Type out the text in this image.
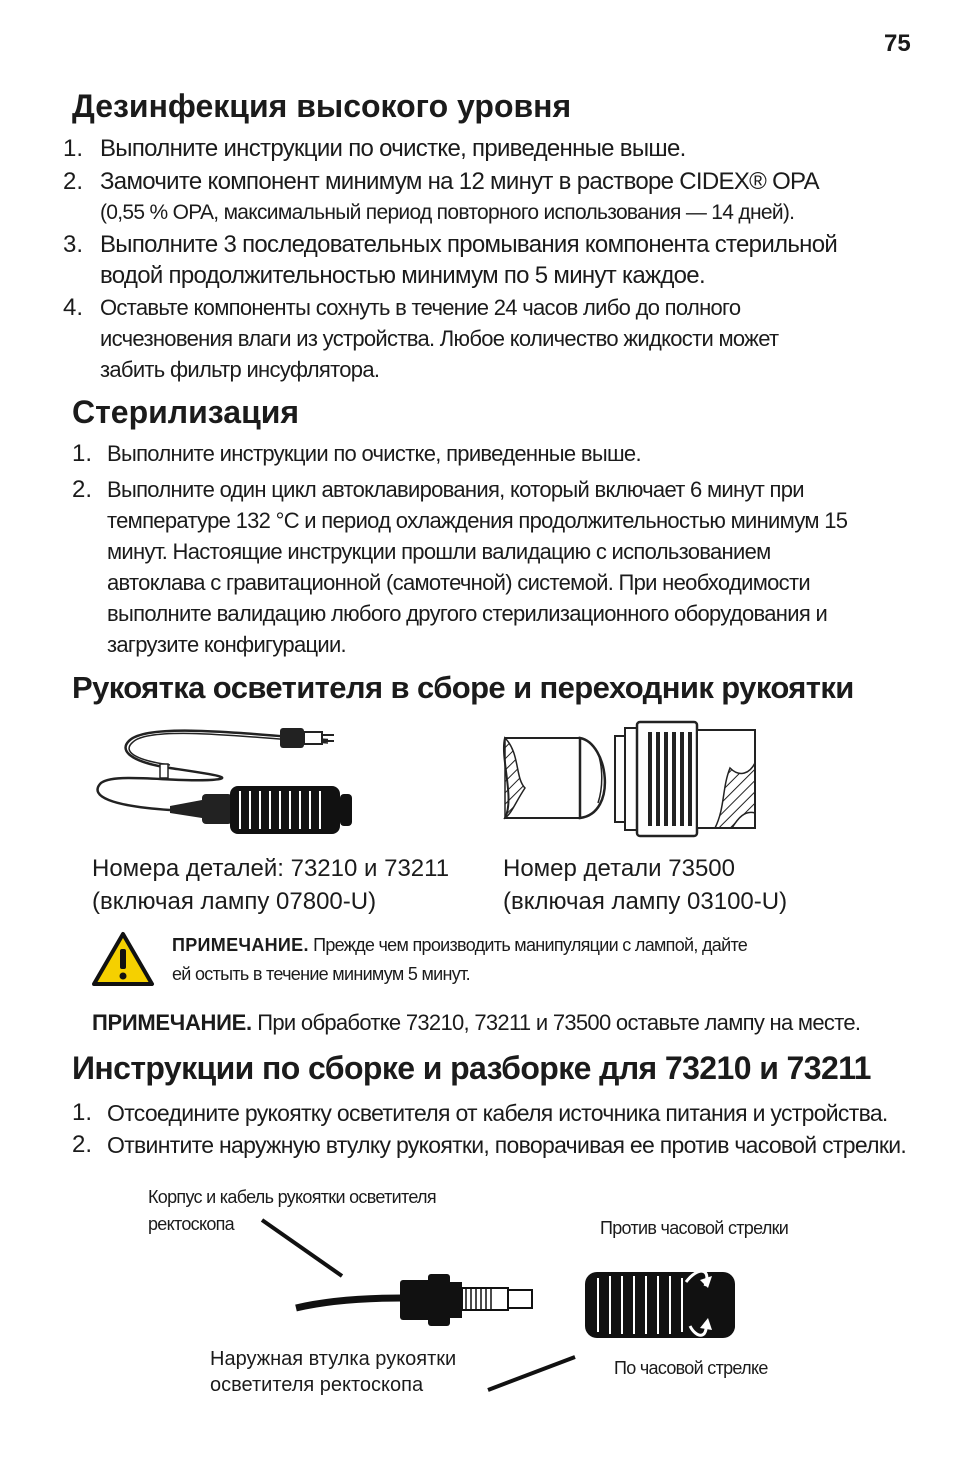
75
Дезинфекция высокого уровня
1. Выполните инструкции по очистке, приведенные выше.
2. Замочите компонент минимум на 12 минут в растворе CIDEX® OPA
(0,55 % OPA, максимальный период повторного использования — 14 дней).
3. Выполните 3 последовательных промывания компонента стерильной
водой продолжительностью минимум по 5 минут каждое.
4. Оставьте компоненты сохнуть в течение 24 часов либо до полного
исчезновения влаги из устройства. Любое количество жидкости может
забить фильтр инсуфлятора.
Стерилизация
1. Выполните инструкции по очистке, приведенные выше.
2. Выполните один цикл автоклавирования, который включает 6 минут при
температуре 132 °C и период охлаждения продолжительностью минимум 15
минут. Настоящие инструкции прошли валидацию с использованием
автоклава с гравитационной (самотечной) системой. При необходимости
выполните валидацию любого другого стерилизационного оборудования и
загрузите конфигурации.
Рукоятка осветителя в сборе и переходник рукоятки
Номера деталей: 73210 и 73211
(включая лампу 07800-U)
Номер детали 73500
(включая лампу 03100-U)
ПРИМЕЧАНИЕ. Прежде чем производить манипуляции с лампой, дайте
ей остыть в течение минимум 5 минут.
ПРИМЕЧАНИЕ. При обработке 73210, 73211 и 73500 оставьте лампу на месте.
Инструкции по сборке и разборке для 73210 и 73211
1. Отсоедините рукоятку осветителя от кабеля источника питания и устройства.
2. Отвинтите наружную втулку рукоятки, поворачивая ее против часовой стрелки.
Корпус и кабель рукоятки осветителя
ректоскопа	Против часовой стрелки
Наружная втулка рукоятки
осветителя ректоскопа
По часовой стрелке
